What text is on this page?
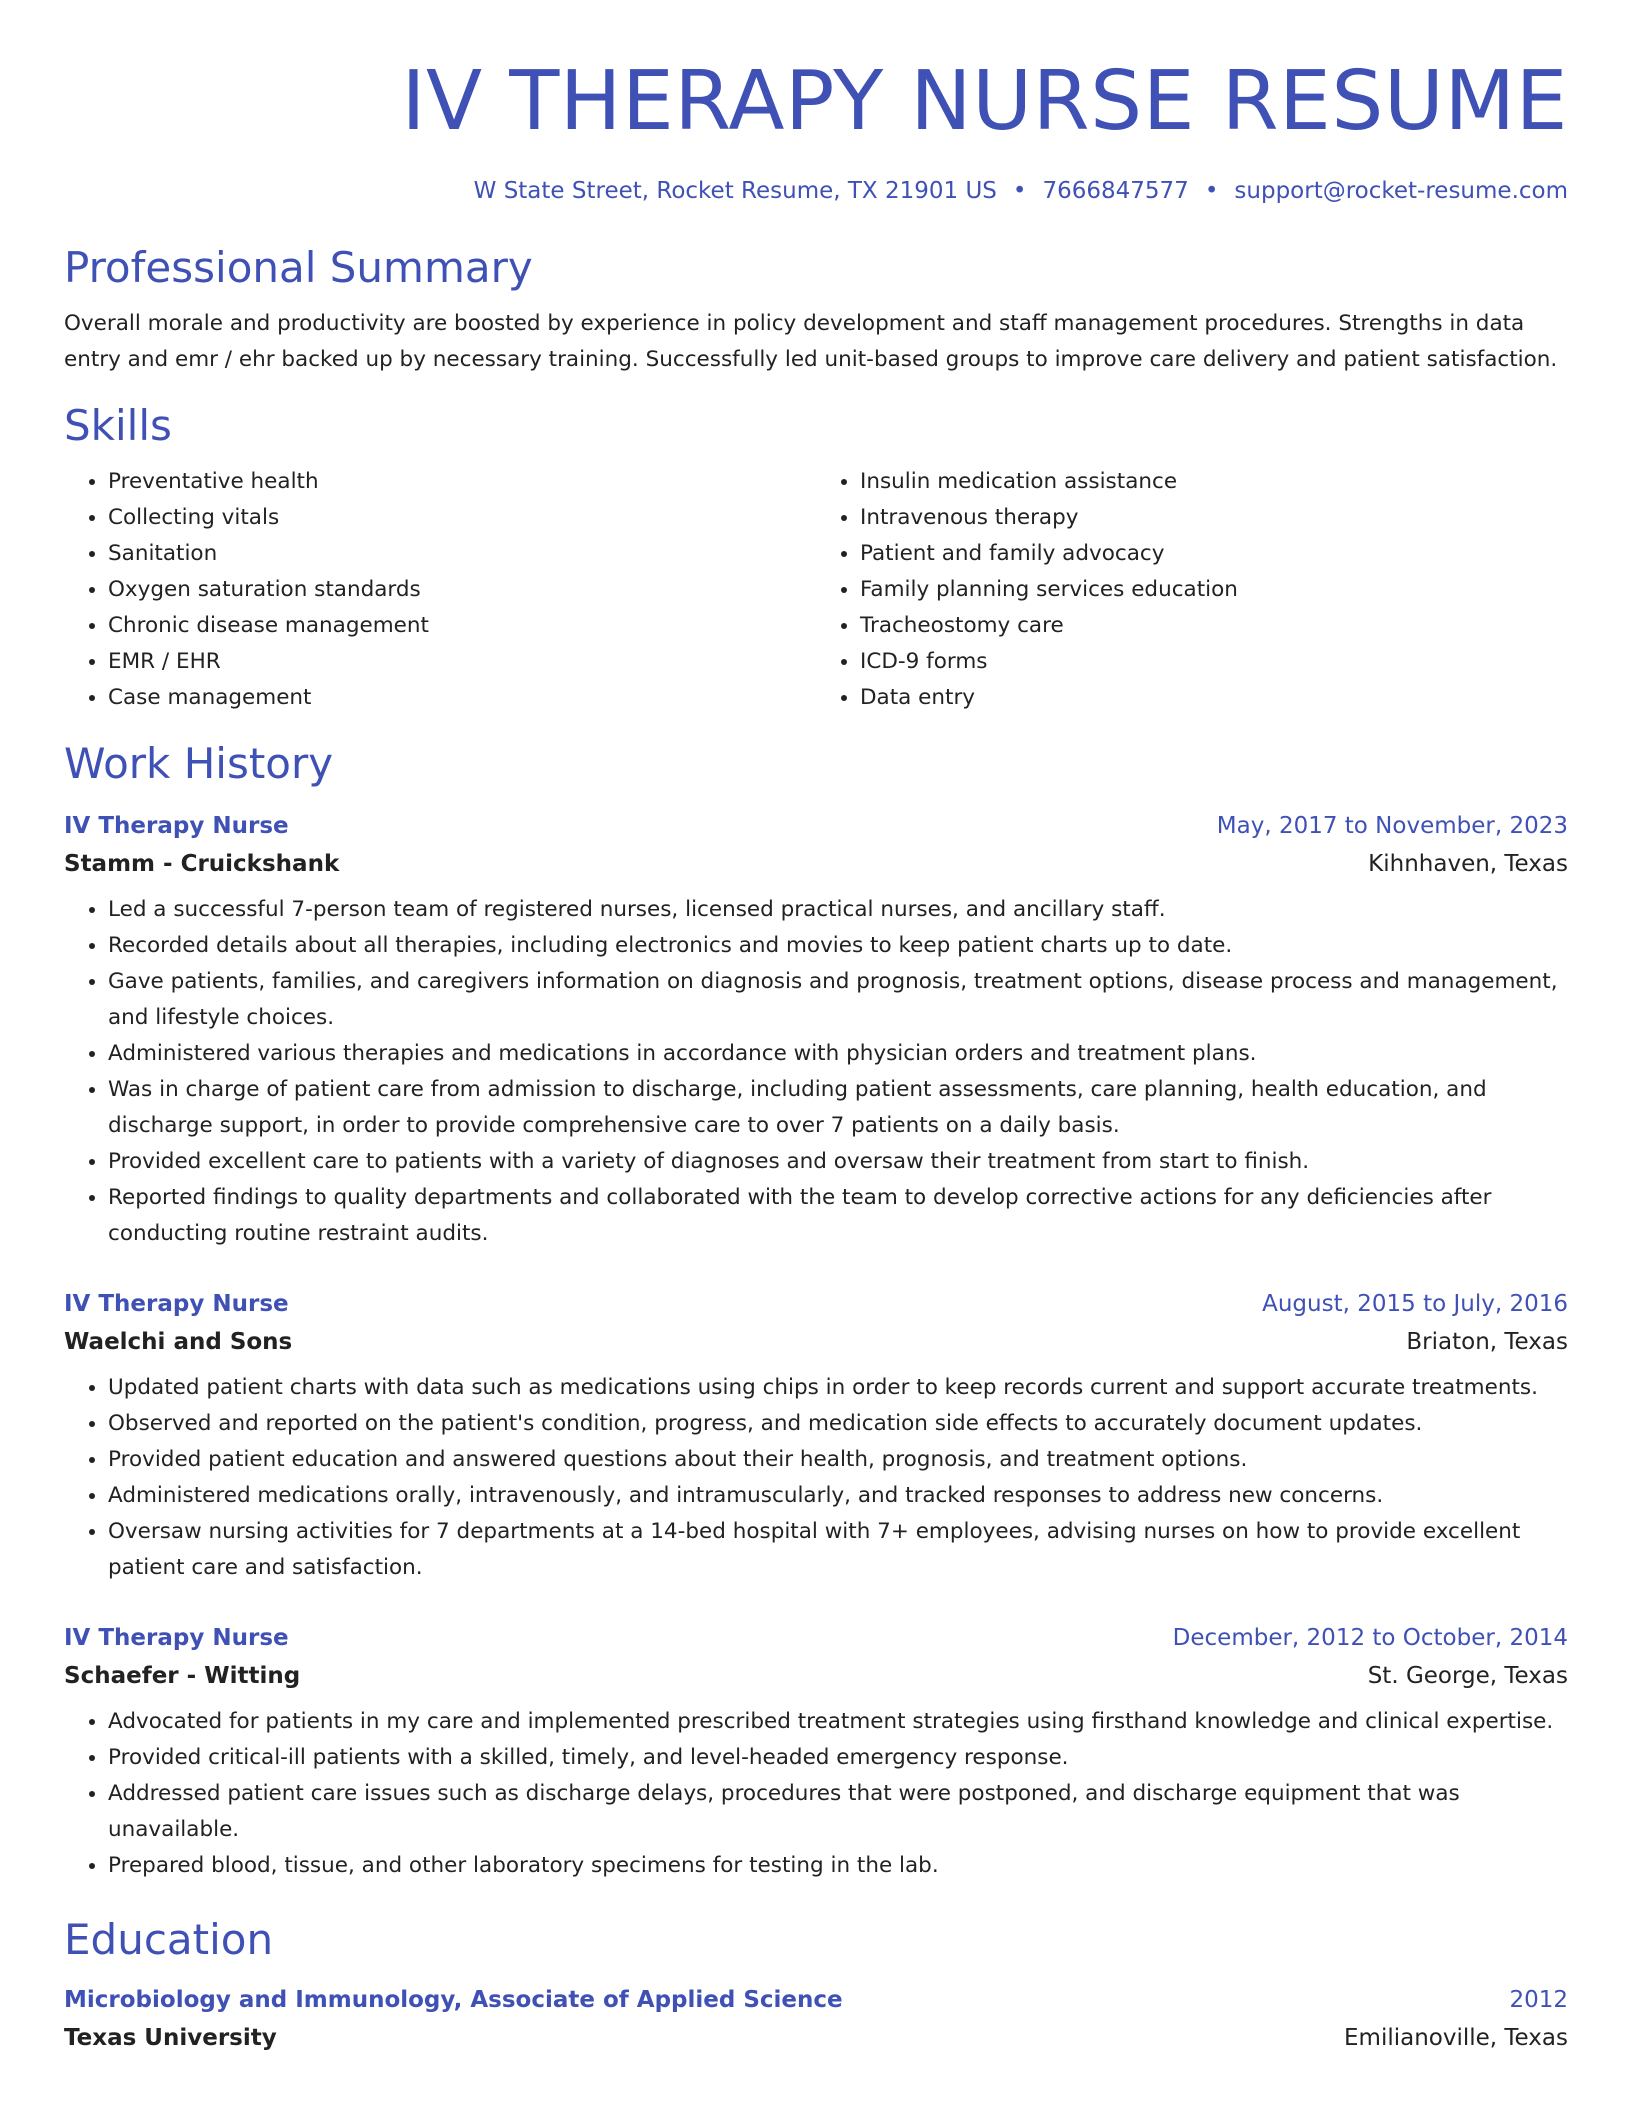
IV THERAPY NURSE RESUME
W State Street, Rocket Resume, TX 21901 US • 7666847577 • support@rocket-resume.com
Professional Summary

Overall morale and productivity are boosted by experience in policy development and staff management procedures. Strengths in data entry and emr / ehr backed up by necessary training. Successfully led unit-based groups to improve care delivery and patient satisfaction.

Skills
• Preventative health
• Collecting vitals
• Sanitation
• Oxygen saturation standards
• Chronic disease management
• EMR / EHR
• Case management
• Insulin medication assistance
• Intravenous therapy
• Patient and family advocacy
• Family planning services education
• Tracheostomy care
• ICD-9 forms
• Data entry
Work History
IV Therapy Nurse	May, 2017 to November, 2023
Stamm - Cruickshank	Kihnhaven, Texas
• Led a successful 7-person team of registered nurses, licensed practical nurses, and ancillary staff.
• Recorded details about all therapies, including electronics and movies to keep patient charts up to date.
• Gave patients, families, and caregivers information on diagnosis and prognosis, treatment options, disease process and management, and lifestyle choices.
• Administered various therapies and medications in accordance with physician orders and treatment plans.
• Was in charge of patient care from admission to discharge, including patient assessments, care planning, health education, and discharge support, in order to provide comprehensive care to over 7 patients on a daily basis.
• Provided excellent care to patients with a variety of diagnoses and oversaw their treatment from start to finish.
• Reported findings to quality departments and collaborated with the team to develop corrective actions for any deficiencies after conducting routine restraint audits.
IV Therapy Nurse	August, 2015 to July, 2016
Waelchi and Sons	Briaton, Texas
• Updated patient charts with data such as medications using chips in order to keep records current and support accurate treatments.
• Observed and reported on the patient's condition, progress, and medication side effects to accurately document updates.
• Provided patient education and answered questions about their health, prognosis, and treatment options.
• Administered medications orally, intravenously, and intramuscularly, and tracked responses to address new concerns.
• Oversaw nursing activities for 7 departments at a 14-bed hospital with 7+ employees, advising nurses on how to provide excellent patient care and satisfaction.
IV Therapy Nurse	December, 2012 to October, 2014
Schaefer - Witting	St. George, Texas
• Advocated for patients in my care and implemented prescribed treatment strategies using firsthand knowledge and clinical expertise.
• Provided critical-ill patients with a skilled, timely, and level-headed emergency response.
• Addressed patient care issues such as discharge delays, procedures that were postponed, and discharge equipment that was unavailable.
• Prepared blood, tissue, and other laboratory specimens for testing in the lab.
Education
Microbiology and Immunology, Associate of Applied Science	2012
Texas University	Emilianoville, Texas
